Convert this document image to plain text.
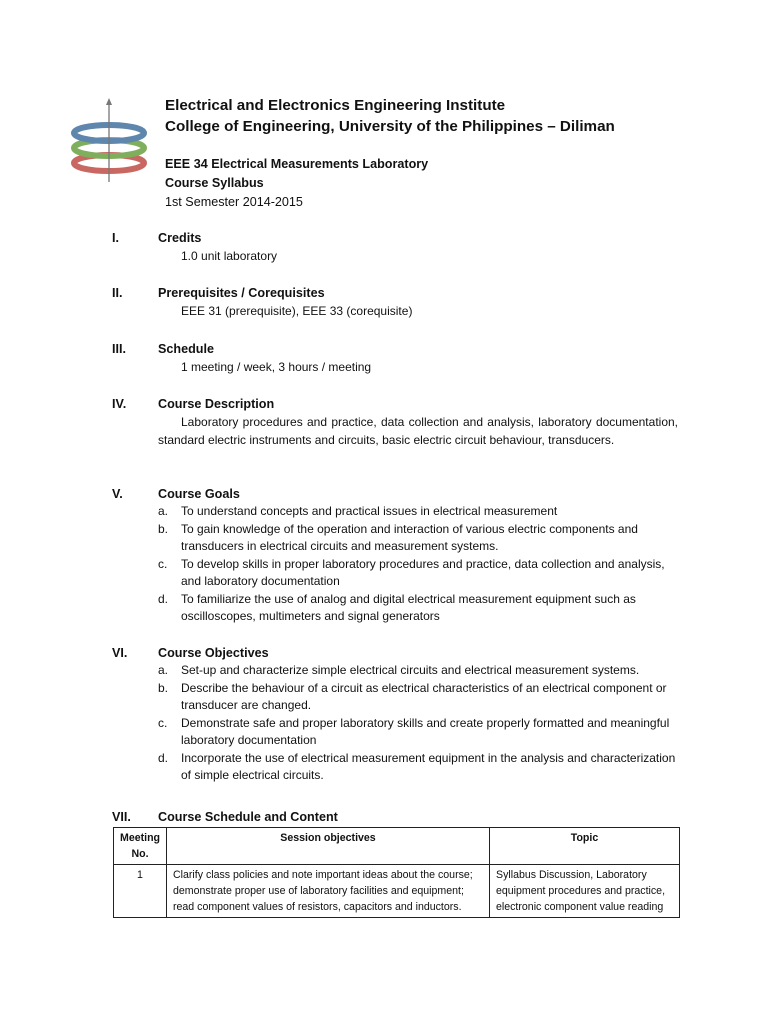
Electrical and Electronics Engineering Institute
College of Engineering, University of the Philippines – Diliman
EEE 34 Electrical Measurements Laboratory
Course Syllabus
1st Semester 2014-2015
I.	Credits
1.0 unit laboratory
II.	Prerequisites / Corequisites
EEE 31 (prerequisite), EEE 33 (corequisite)
III.	Schedule
1 meeting / week, 3 hours / meeting
IV.	Course Description
Laboratory procedures and practice, data collection and analysis, laboratory documentation, standard electric instruments and circuits, basic electric circuit behaviour, transducers.
V.	Course Goals
a. To understand concepts and practical issues in electrical measurement
b. To gain knowledge of the operation and interaction of various electric components and transducers in electrical circuits and measurement systems.
c. To develop skills in proper laboratory procedures and practice, data collection and analysis, and laboratory documentation
d. To familiarize the use of analog and digital electrical measurement equipment such as oscilloscopes, multimeters and signal generators
VI. Course Objectives
a. Set-up and characterize simple electrical circuits and electrical measurement systems.
b. Describe the behaviour of a circuit as electrical characteristics of an electrical component or transducer are changed.
c. Demonstrate safe and proper laboratory skills and create properly formatted and meaningful laboratory documentation
d. Incorporate the use of electrical measurement equipment in the analysis and characterization of simple electrical circuits.
VII. Course Schedule and Content
Meeting No.	Session objectives	Topic
1	Clarify class policies and note important ideas about the course; demonstrate proper use of laboratory facilities and equipment; read component values of resistors, capacitors and inductors.	Syllabus Discussion, Laboratory equipment procedures and practice, electronic component value reading
